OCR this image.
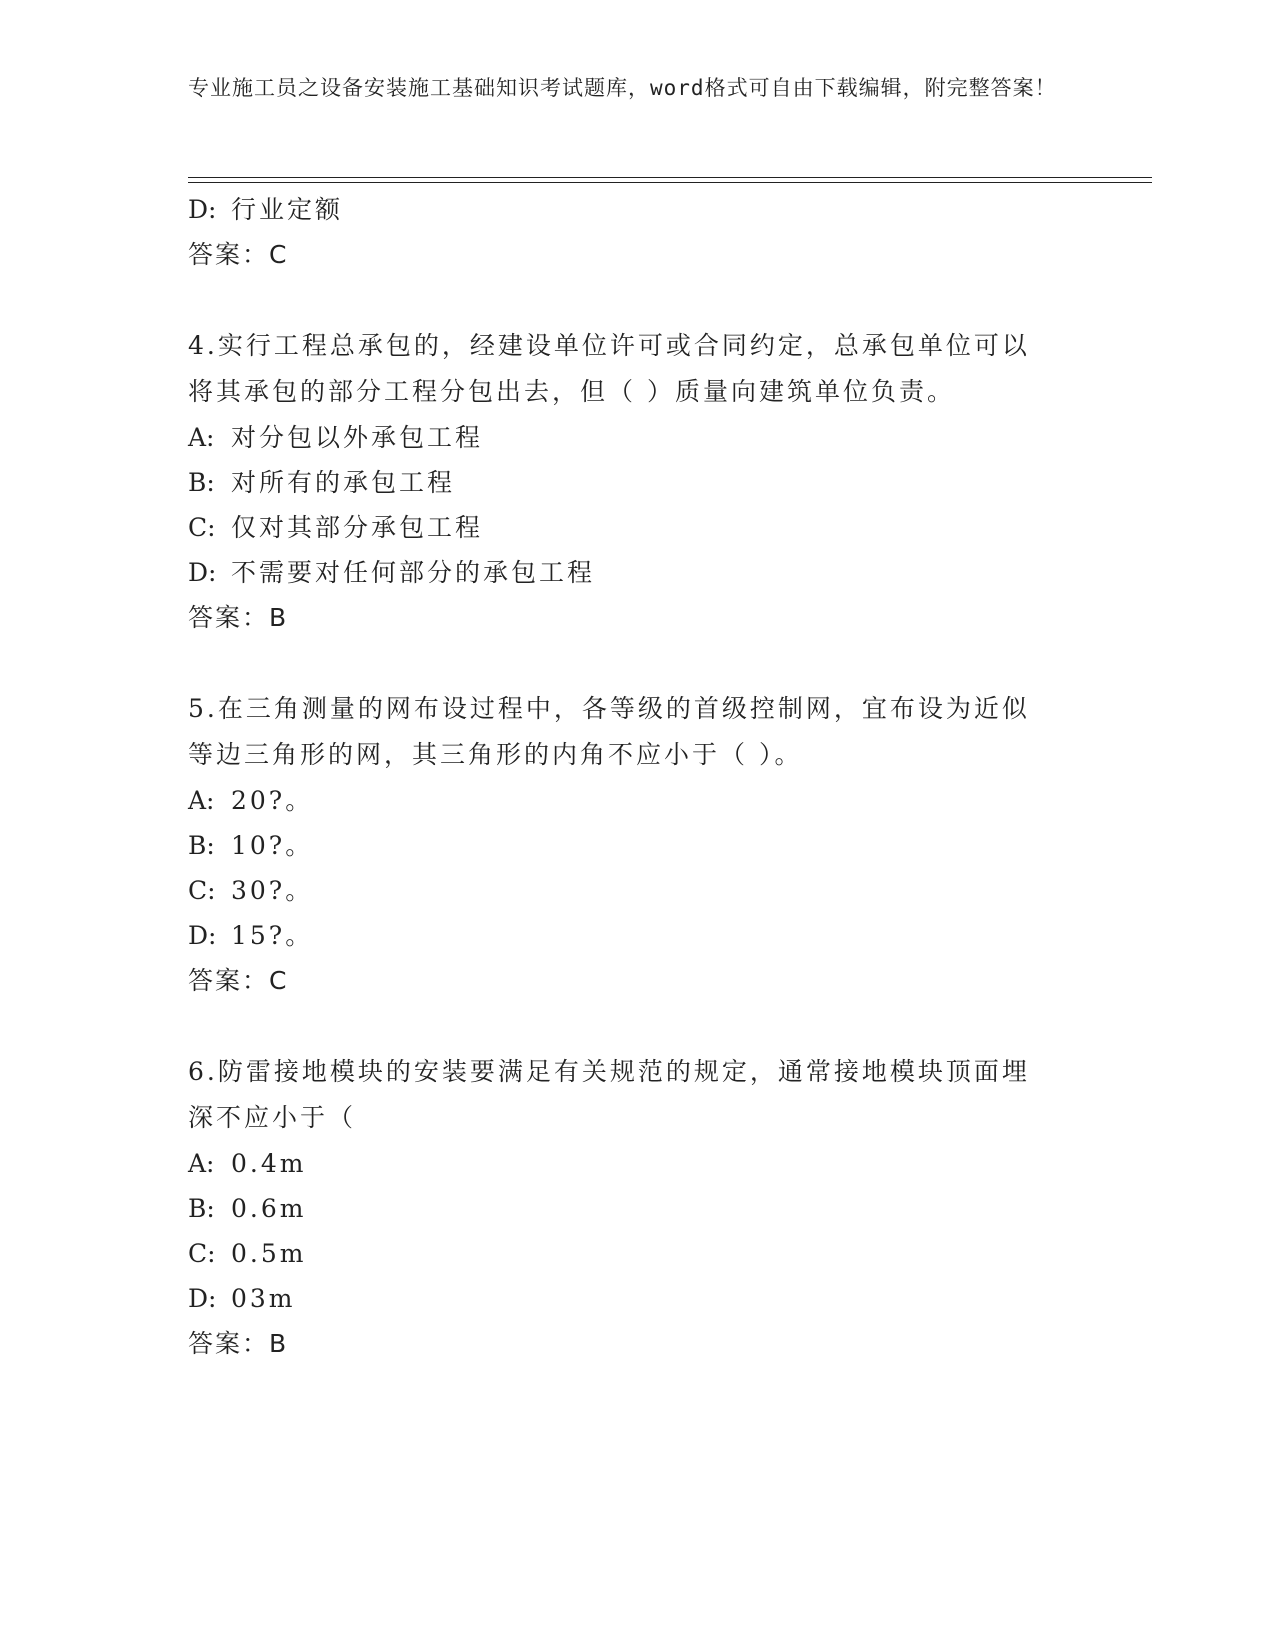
专业施工员之设备安装施工基础知识考试题库，word格式可自由下载编辑，附完整答案！
D: 行业定额
答案：C
4.实行工程总承包的，经建设单位许可或合同约定，总承包单位可以将其承包的部分工程分包出去，但（ ）质量向建筑单位负责。
A: 对分包以外承包工程
B: 对所有的承包工程
C: 仅对其部分承包工程
D: 不需要对任何部分的承包工程
答案：B
5.在三角测量的网布设过程中，各等级的首级控制网，宜布设为近似等边三角形的网，其三角形的内角不应小于（ ）。
A: 20?。
B: 10?。
C: 30?。
D: 15?。
答案：C
6.防雷接地模块的安装要满足有关规范的规定，通常接地模块顶面埋深不应小于（
A: 0.4m
B: 0.6m
C: 0.5m
D: 03m
答案：B
